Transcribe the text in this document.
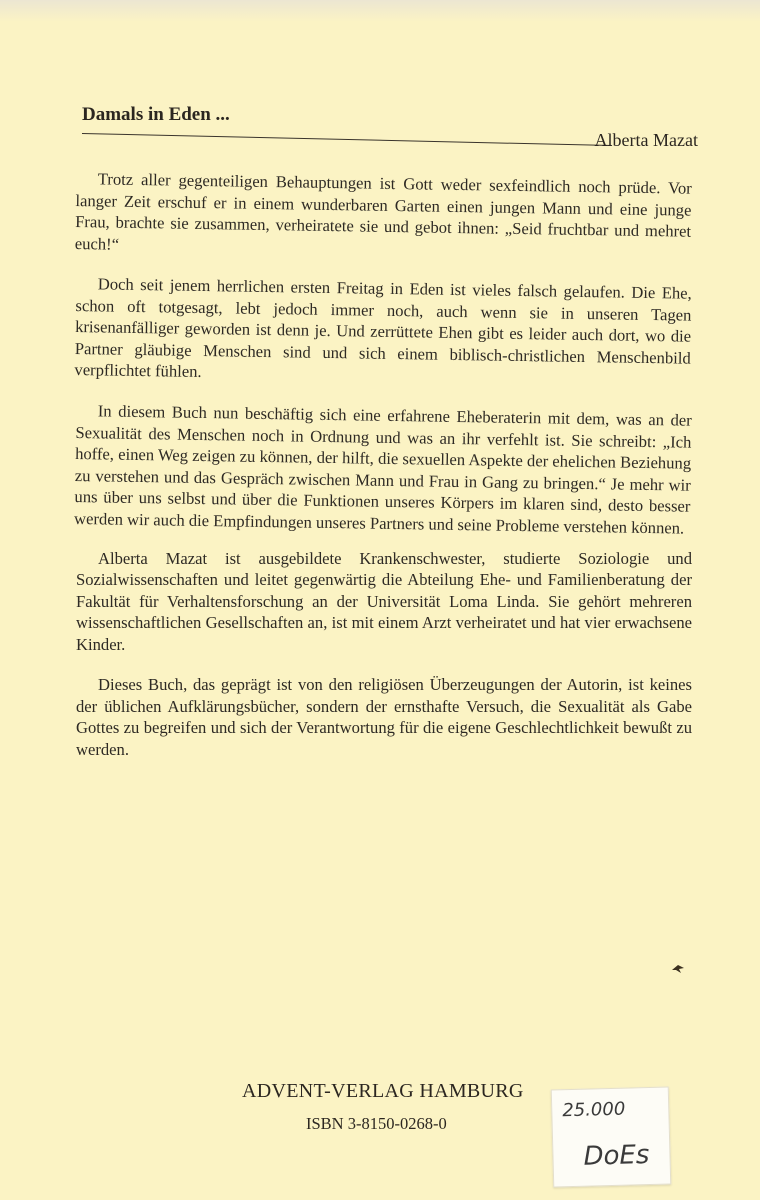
Damals in Eden ...
Alberta Mazat

Trotz aller gegenteiligen Behauptungen ist Gott weder sexfeindlich noch prüde. Vor langer Zeit erschuf er in einem wunderbaren Garten einen jungen Mann und eine junge Frau, brachte sie zusammen, verheiratete sie und gebot ihnen: „Seid fruchtbar und mehret euch!“

Doch seit jenem herrlichen ersten Freitag in Eden ist vieles falsch gelaufen. Die Ehe, schon oft totgesagt, lebt jedoch immer noch, auch wenn sie in unseren Tagen krisenanfälliger geworden ist denn je. Und zerrüttete Ehen gibt es leider auch dort, wo die Partner gläubige Menschen sind und sich einem biblisch-christlichen Menschenbild verpflichtet fühlen.

In diesem Buch nun beschäftig sich eine erfahrene Eheberaterin mit dem, was an der Sexualität des Menschen noch in Ordnung und was an ihr verfehlt ist. Sie schreibt: „Ich hoffe, einen Weg zeigen zu können, der hilft, die sexuellen Aspekte der ehelichen Beziehung zu verstehen und das Gespräch zwischen Mann und Frau in Gang zu bringen.“ Je mehr wir uns über uns selbst und über die Funktionen unseres Körpers im klaren sind, desto besser werden wir auch die Empfindungen unseres Partners und seine Probleme verstehen können.

Alberta Mazat ist ausgebildete Krankenschwester, studierte Soziologie und Sozialwissenschaften und leitet gegenwärtig die Abteilung Ehe- und Familienberatung der Fakultät für Verhaltensforschung an der Universität Loma Linda. Sie gehört mehreren wissenschaftlichen Gesellschaften an, ist mit einem Arzt verheiratet und hat vier erwachsene Kinder.

Dieses Buch, das geprägt ist von den religiösen Überzeugungen der Autorin, ist keines der üblichen Aufklärungsbücher, sondern der ernsthafte Versuch, die Sexualität als Gabe Gottes zu begreifen und sich der Verantwortung für die eigene Geschlechtlichkeit bewußt zu werden.

ADVENT-VERLAG HAMBURG
ISBN 3-8150-0268-0
25.000
DoEs
